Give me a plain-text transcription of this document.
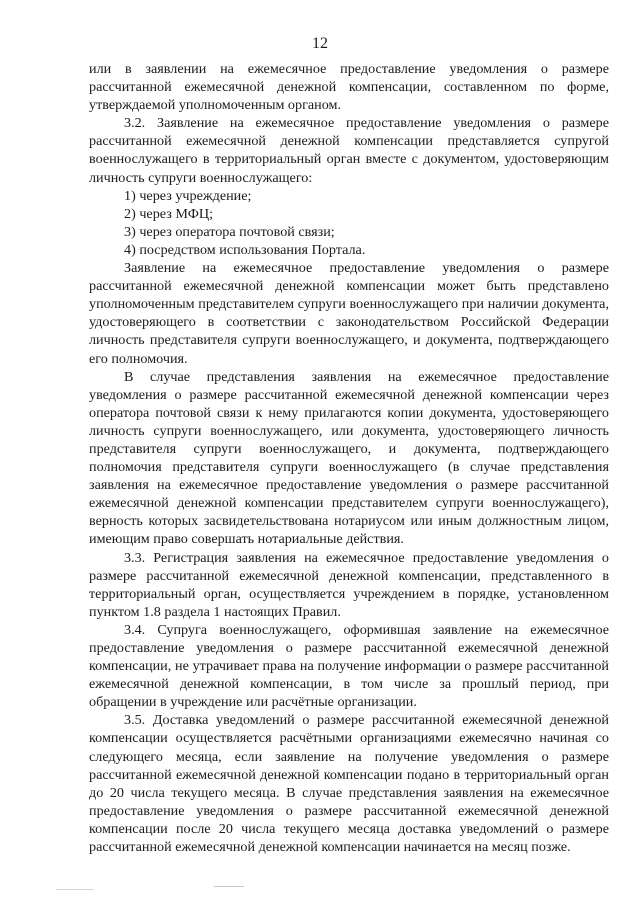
12

или в заявлении на ежемесячное предоставление уведомления о размере рассчитанной ежемесячной денежной компенсации, составленном по форме, утверждаемой уполномоченным органом.

3.2. Заявление на ежемесячное предоставление уведомления о размере рассчитанной ежемесячной денежной компенсации представляется супругой военнослужащего в территориальный орган вместе с документом, удостоверяющим личность супруги военнослужащего:

1) через учреждение;

2) через МФЦ;

3) через оператора почтовой связи;

4) посредством использования Портала.

Заявление на ежемесячное предоставление уведомления о размере рассчитанной ежемесячной денежной компенсации может быть представлено уполномоченным представителем супруги военнослужащего при наличии документа, удостоверяющего в соответствии с законодательством Российской Федерации личность представителя супруги военнослужащего, и документа, подтверждающего его полномочия.

В случае представления заявления на ежемесячное предоставление уведомления о размере рассчитанной ежемесячной денежной компенсации через оператора почтовой связи к нему прилагаются копии документа, удостоверяющего личность супруги военнослужащего, или документа, удостоверяющего личность представителя супруги военнослужащего, и документа, подтверждающего полномочия представителя супруги военнослужащего (в случае представления заявления на ежемесячное предоставление уведомления о размере рассчитанной ежемесячной денежной компенсации представителем супруги военнослужащего), верность которых засвидетельствована нотариусом или иным должностным лицом, имеющим право совершать нотариальные действия.

3.3. Регистрация заявления на ежемесячное предоставление уведомления о размере рассчитанной ежемесячной денежной компенсации, представленного в территориальный орган, осуществляется учреждением в порядке, установленном пунктом 1.8 раздела 1 настоящих Правил.

3.4. Супруга военнослужащего, оформившая заявление на ежемесячное предоставление уведомления о размере рассчитанной ежемесячной денежной компенсации, не утрачивает права на получение информации о размере рассчитанной ежемесячной денежной компенсации, в том числе за прошлый период, при обращении в учреждение или расчётные организации.

3.5. Доставка уведомлений о размере рассчитанной ежемесячной денежной компенсации осуществляется расчётными организациями ежемесячно начиная со следующего месяца, если заявление на получение уведомления о размере рассчитанной ежемесячной денежной компенсации подано в территориальный орган до 20 числа текущего месяца. В случае представления заявления на ежемесячное предоставление уведомления о размере рассчитанной ежемесячной денежной компенсации после 20 числа текущего месяца доставка уведомлений о размере рассчитанной ежемесячной денежной компенсации начинается на месяц позже.
